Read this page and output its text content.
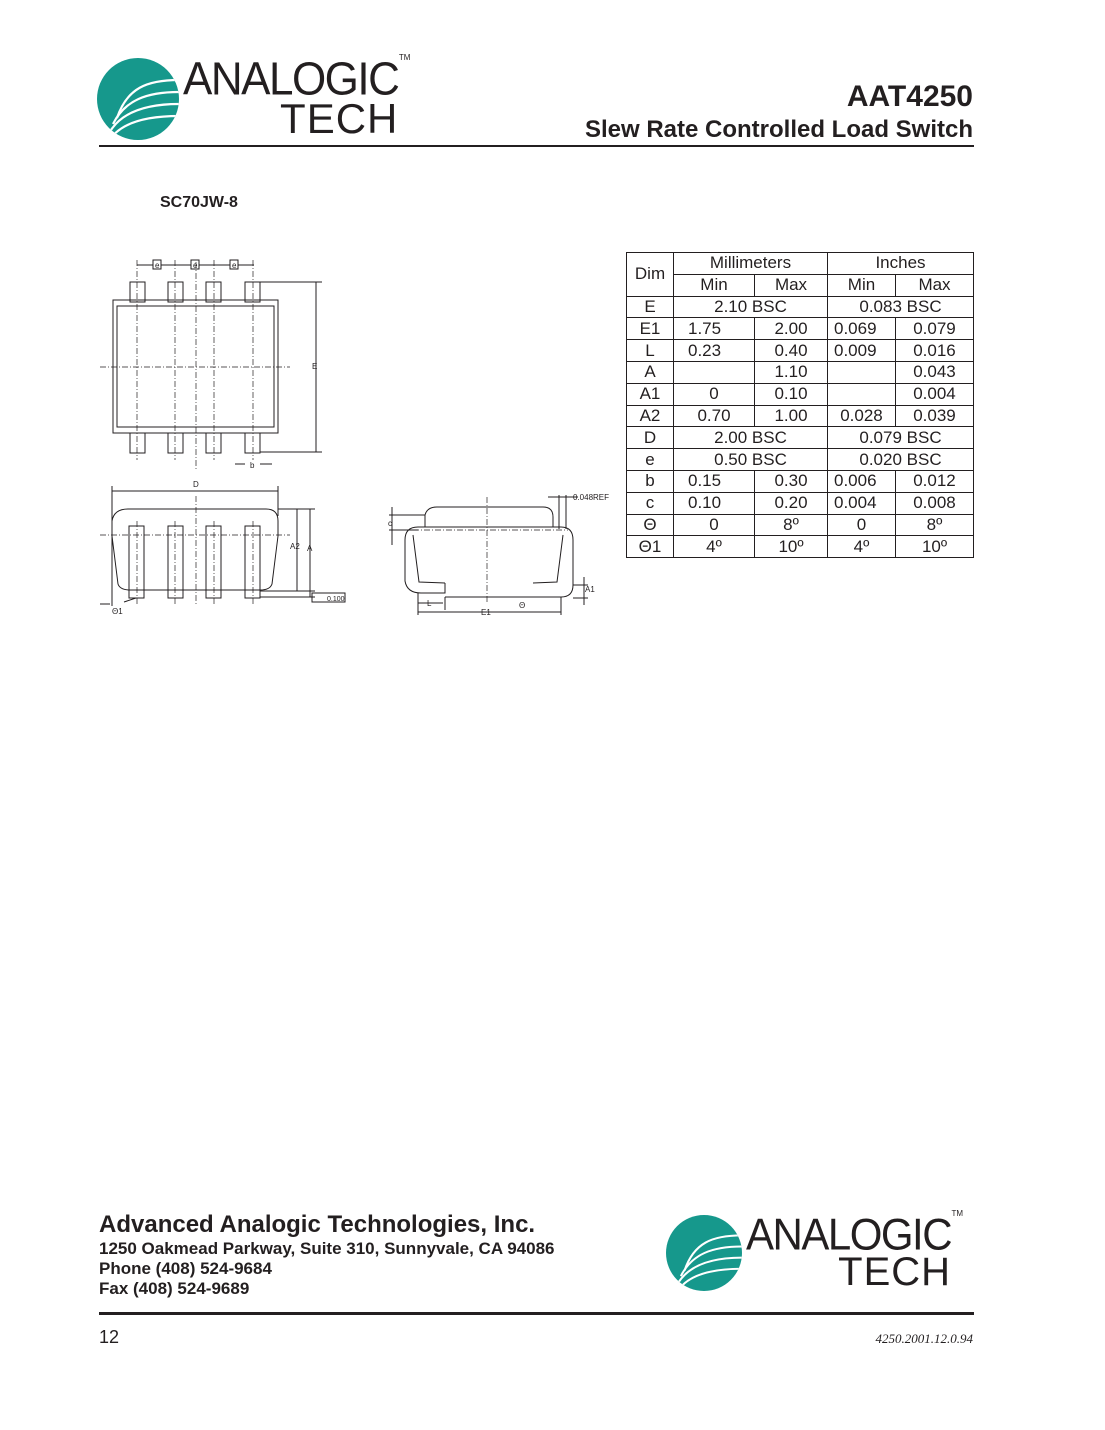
ANALOGIC
TECH
TM
AAT4250
Slew Rate Controlled Load Switch
SC70JW-8
e	e	e
E
b
D
A2 A
0.100
Θ1
0.048REF
c
L
E1
Θ
A1
Dim	Millimeters		Inches	
	Min	Max	Min	Max
E	2.10 BSC		0.083 BSC	
E1	1.75	2.00	0.069	0.079
L	0.23	0.40	0.009	0.016
A		1.10		0.043
A1	0	0.10		0.004
A2	0.70	1.00	0.028	0.039
D	2.00 BSC		0.079 BSC	
e	0.50 BSC		0.020 BSC	
b	0.15	0.30	0.006	0.012
c	0.10	0.20	0.004	0.008
Θ	0	8º	0	8º
Θ1	4º	10º	4º	10º
Advanced Analogic Technologies, Inc.
1250 Oakmead Parkway, Suite 310, Sunnyvale, CA 94086
Phone (408) 524-9684
Fax (408) 524-9689
ANALOGIC
TECH
TM
12	4250.2001.12.0.94
